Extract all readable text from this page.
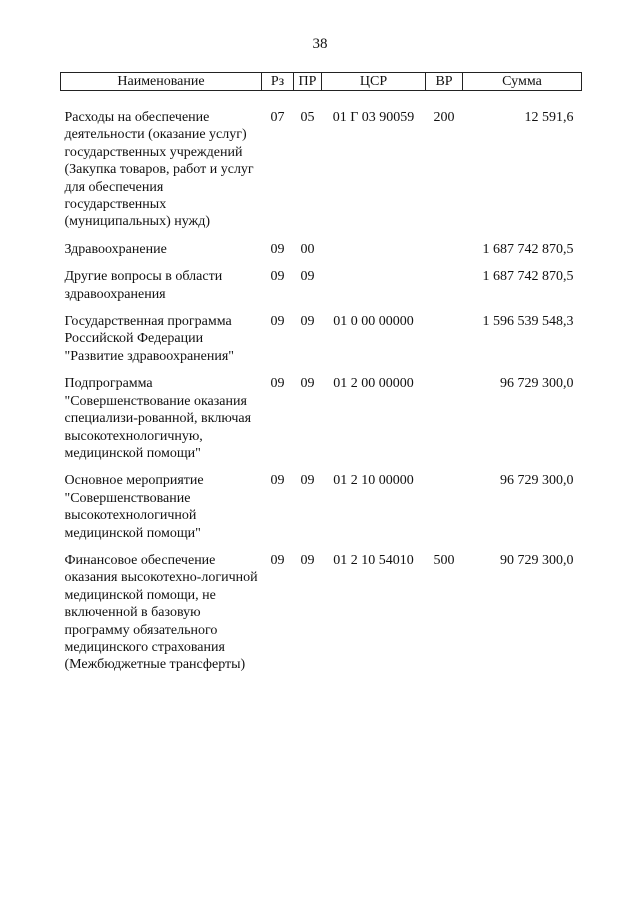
38
Наименование	Рз	ПР	ЦСР	ВР	Сумма

Расходы на обеспечение деятельности (оказание услуг) государственных учреждений (Закупка товаров, работ и услуг для обеспечения государственных (муниципальных) нужд)	07	05	01 Г 03 90059	200	12 591,6
Здравоохранение	09	00			1 687 742 870,5
Другие вопросы в области здравоохранения	09	09			1 687 742 870,5
Государственная программа Российской Федерации "Развитие здравоохранения"	09	09	01 0 00 00000		1 596 539 548,3
Подпрограмма "Совершенствование оказания специализи-рованной, включая высокотехнологичную, медицинской помощи"	09	09	01 2 00 00000		96 729 300,0
Основное мероприятие "Совершенствование высокотехнологичной медицинской помощи"	09	09	01 2 10 00000		96 729 300,0
Финансовое обеспечение оказания высокотехно-логичной медицинской помощи, не включенной в базовую программу обязательного медицинского страхования (Межбюджетные трансферты)	09	09	01 2 10 54010	500	90 729 300,0
